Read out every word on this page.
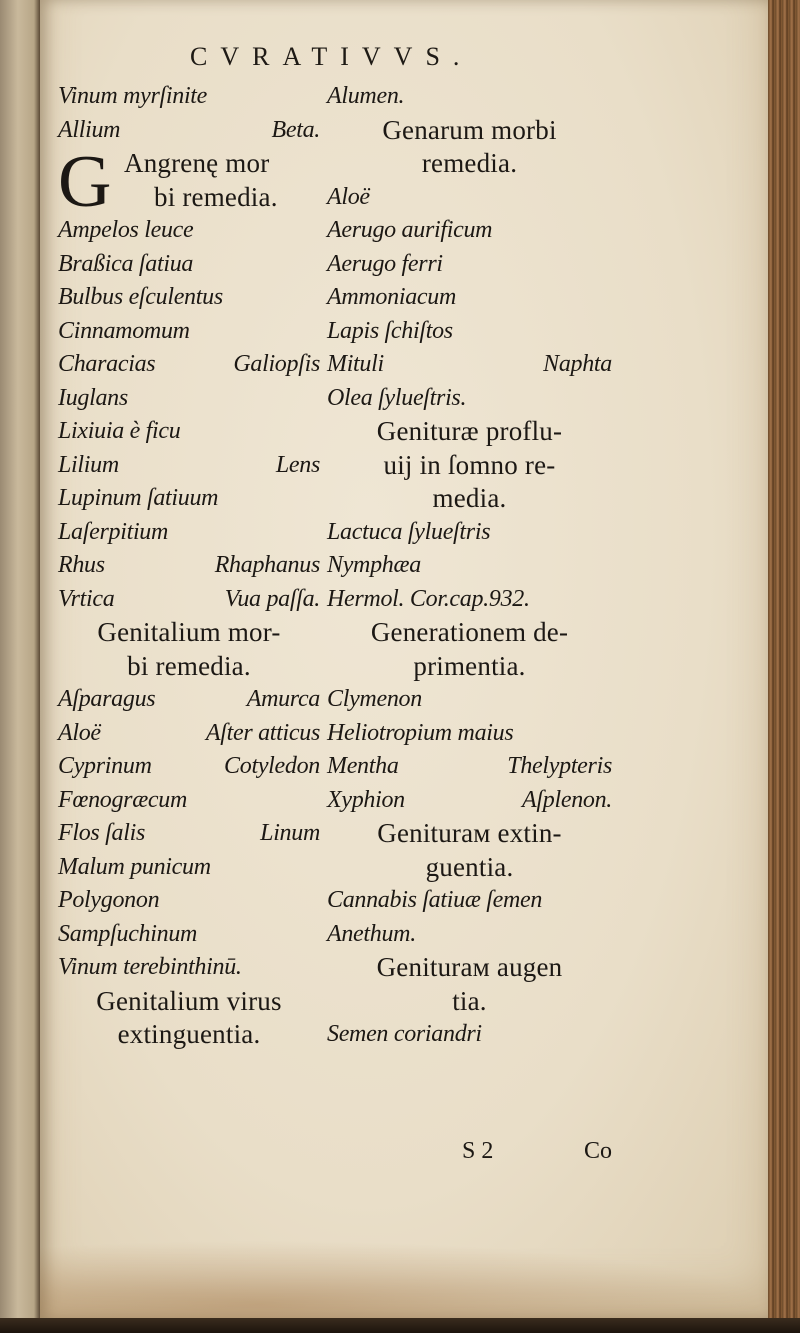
CVRATIVVS.
Vinum myrſinite
Allium	Beta.
G Angrenę mor
bi remedia.
Ampelos leuce
Braßica ſatiua
Bulbus eſculentus
Cinnamomum
Characias	Galiopſis
Iuglans
Lixiuia è ficu
Lilium	Lens
Lupinum ſatiuum
Laſerpitium
Rhus	Rhaphanus
Vrtica	Vua paſſa.
Genitalium mor-
bi remedia.
Aſparagus	Amurca
Aloë	Aſter atticus
Cyprinum	Cotyledon
Fœnogræcum
Flos ſalis	Linum
Malum punicum
Polygonon
Sampſuchinum
Vinum terebinthinū.
Genitalium virus
extinguentia.
Alumen.
Genarum morbi
remedia.
Aloë
Aerugo aurificum
Aerugo ferri
Ammoniacum
Lapis ſchiſtos
Mituli	Naphta
Olea ſylueſtris.
Genituræ proflu-
uij in ſomno re-
media.
Lactuca ſylueſtris
Nymphæa
Hermol. Cor.cap.932.
Generationem de-
primentia.
Clymenon
Heliotropium maius
Mentha	Thelypteris
Xyphion	Aſplenon.
Geniturам extin-
guentia.
Cannabis ſatiuæ ſemen
Anethum.
Geniturам augen
tia.
Semen coriandri
S 2	Co
